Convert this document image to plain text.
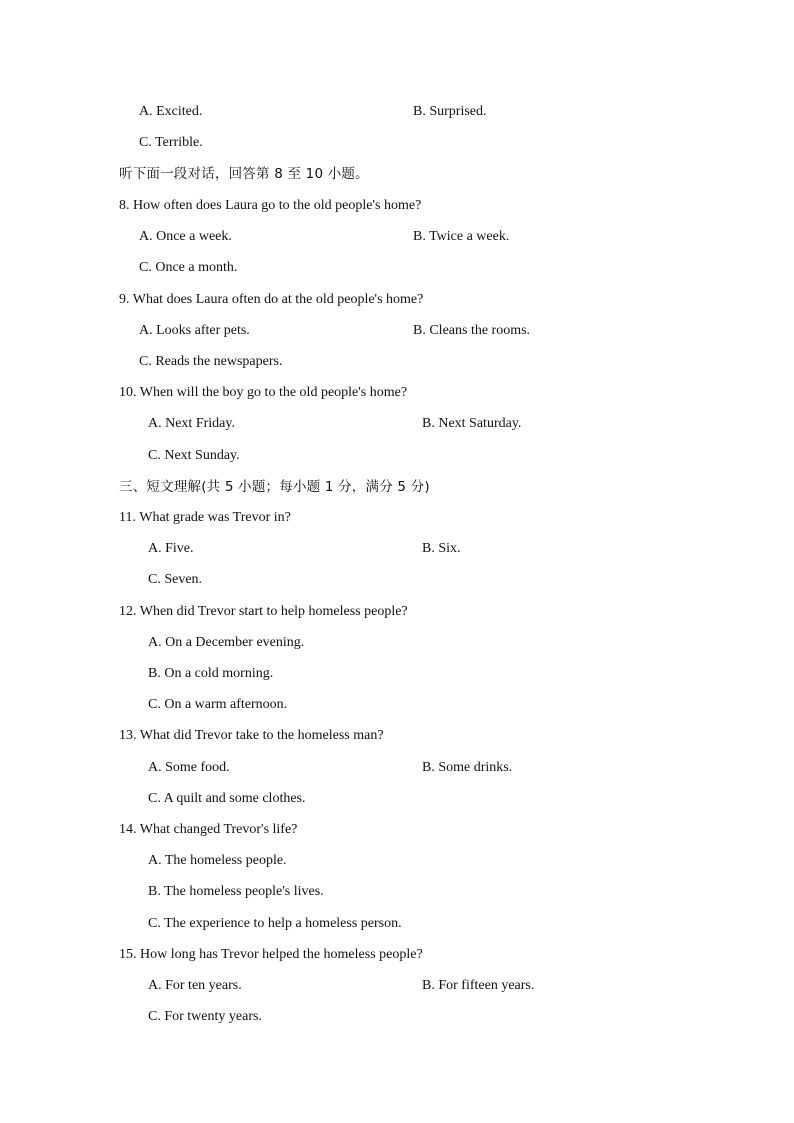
A. Excited.	B. Surprised.
C. Terrible.
听下面一段对话，回答第 8 至 10 小题。
8. How often does Laura go to the old people's home?
A. Once a week.	B. Twice a week.
C. Once a month.
9. What does Laura often do at the old people's home?
A. Looks after pets.	B. Cleans the rooms.
C. Reads the newspapers.
10. When will the boy go to the old people's home?
A. Next Friday.	B. Next Saturday.
C. Next Sunday.
三、短文理解(共 5 小题；每小题 1 分，满分 5 分)
11. What grade was Trevor in?
A. Five.	B. Six.
C. Seven.
12. When did Trevor start to help homeless people?
A. On a December evening.
B. On a cold morning.
C. On a warm afternoon.
13. What did Trevor take to the homeless man?
A. Some food.	B. Some drinks.
C. A quilt and some clothes.
14. What changed Trevor's life?
A. The homeless people.
B. The homeless people's lives.
C. The experience to help a homeless person.
15. How long has Trevor helped the homeless people?
A. For ten years.	B. For fifteen years.
C. For twenty years.
